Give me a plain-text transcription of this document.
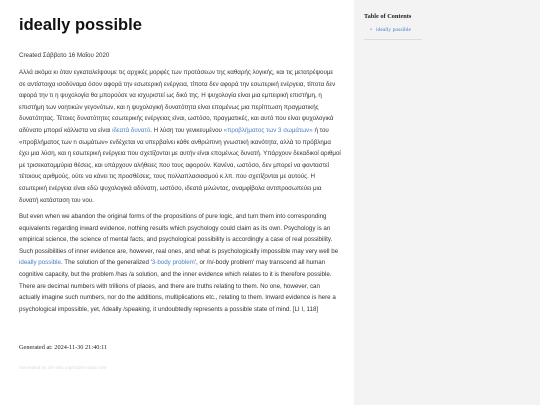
ideally possible

Created Σάββατο 16 Μαΐου 2020

Αλλά ακόμα κι όταν εγκαταλείψουμε τις αρχικές μορφές των προτάσεων της καθαρής λογικής, και τις μετατρέψουμε σε αντίστοιχα ισοδύναμα όσον αφορά την εσωτερική ενέργεια, τίποτα δεν αφορά την εσωτερική ενέργεια, τίποτα δεν αφορά την τι η ψυχολογία θα μπορούσε να ισχυριστεί ως δικό της. Η ψυχολογία είναι μια εμπειρική επιστήμη, η επιστήμη των νοητικών γεγονότων, και η ψυχολογική δυνατότητα είναι επομένως μια περίπτωση πραγματικής δυνατότητας. Τέτοιες δυνατότητες εσωτερικής ενέργειας είναι, ωστόσο, πραγματικές, και αυτό που είναι ψυχολογικά αδύνατο μπορεί κάλλιστα να είναι ιδεατά δυνατό. Η λύση του γενικευμένου «προβλήματος των 3 σωμάτων» ή του «προβλήματος των n σωμάτων» ενδέχεται να υπερβαίνει κάθε ανθρώπινη γνωστική ικανότητα, αλλά το πρόβλημα έχει μια λύση, και η εσωτερική ενέργεια που σχετίζονται με αυτήν είναι επομένως δυνατή. Υπάρχουν δεκαδικοί αριθμοί με τρισεκατομμύρια θέσεις, και υπάρχουν αλήθειες που τους αφορούν. Κανένα, ωστόσο, δεν μπορεί να φανταστεί τέτοιους αριθμούς, ούτε να κάνει τις προσθέσεις, τους πολλαπλασιασμού κ.λπ. που σχετίζονται με αυτούς. Η εσωτερική ενέργεια είναι εδώ ψυχολογικά αδύνατη, ωστόσο, ιδεατά μιλώντας, αναμφίβολα αντιπροσωπεύει μια δυνατή κατάσταση του νου.

But even when we abandon the original forms of the propositions of pure logic, and turn them into corresponding equivalents regarding inward evidence, nothing results which psychology could claim as its own. Psychology is an empirical science, the science of mental facts, and psychological possibility is accordingly a case of real possibility. Such possibilities of inner evidence are, however, real ones, and what is psychologically impossible may very well be ideally possible. The solution of the generalized '3-body problem', or /n/-body problem' may transcend all human cognitive capacity, but the problem /has /a solution, and the inner evidence which relates to it is therefore possible. There are decimal numbers with trillions of places, and there are truths relating to them. No one, however, can actually imagine such numbers, nor do the additions, multiplications etc., relating to them. Inward evidence is here a psychological impossible, yet, /ideally /speaking, it undoubtedly represents a possible state of mind. [LI I, 118]

Generated at: 2024-11-30 21:40:11

Generated by zim-wiki.org/mdzim-static-site

Table of Contents

• ideally possible
